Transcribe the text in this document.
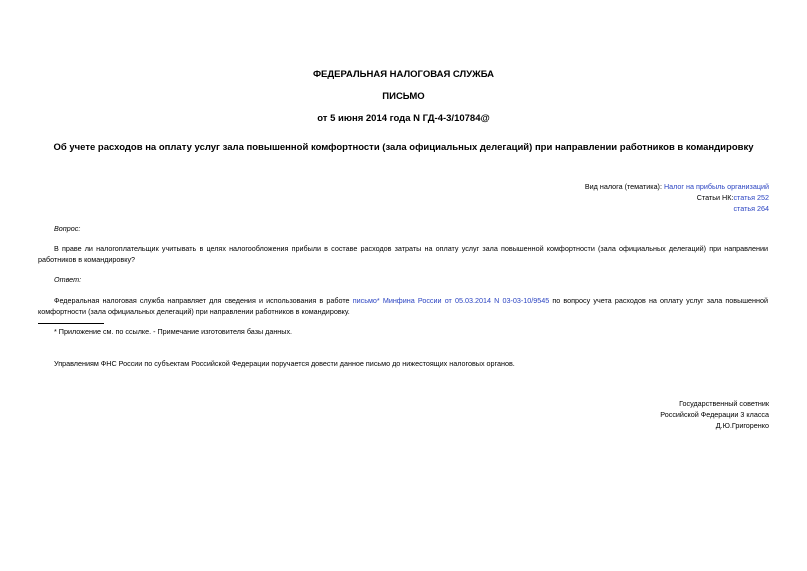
ФЕДЕРАЛЬНАЯ НАЛОГОВАЯ СЛУЖБА
ПИСЬМО
от 5 июня 2014 года N ГД-4-3/10784@
Об учете расходов на оплату услуг зала повышенной комфортности (зала официальных делегаций) при направлении работников в командировку
Вид налога (тематика): Налог на прибыль организаций
Статьи НК:статья 252
статья 264
Вопрос:
В праве ли налогоплательщик учитывать в целях налогообложения прибыли в составе расходов затраты на оплату услуг зала повышенной комфортности (зала официальных делегаций) при направлении работников в командировку?
Ответ:
Федеральная налоговая служба направляет для сведения и использования в работе письмо* Минфина России от 05.03.2014 N 03-03-10/9545 по вопросу учета расходов на оплату услуг зала повышенной комфортности (зала официальных делегаций) при направлении работников в командировку.
* Приложение см. по ссылке. - Примечание изготовителя базы данных.
Управлениям ФНС России по субъектам Российской Федерации поручается довести данное письмо до нижестоящих налоговых органов.
Государственный советник
Российской Федерации 3 класса
Д.Ю.Григоренко
